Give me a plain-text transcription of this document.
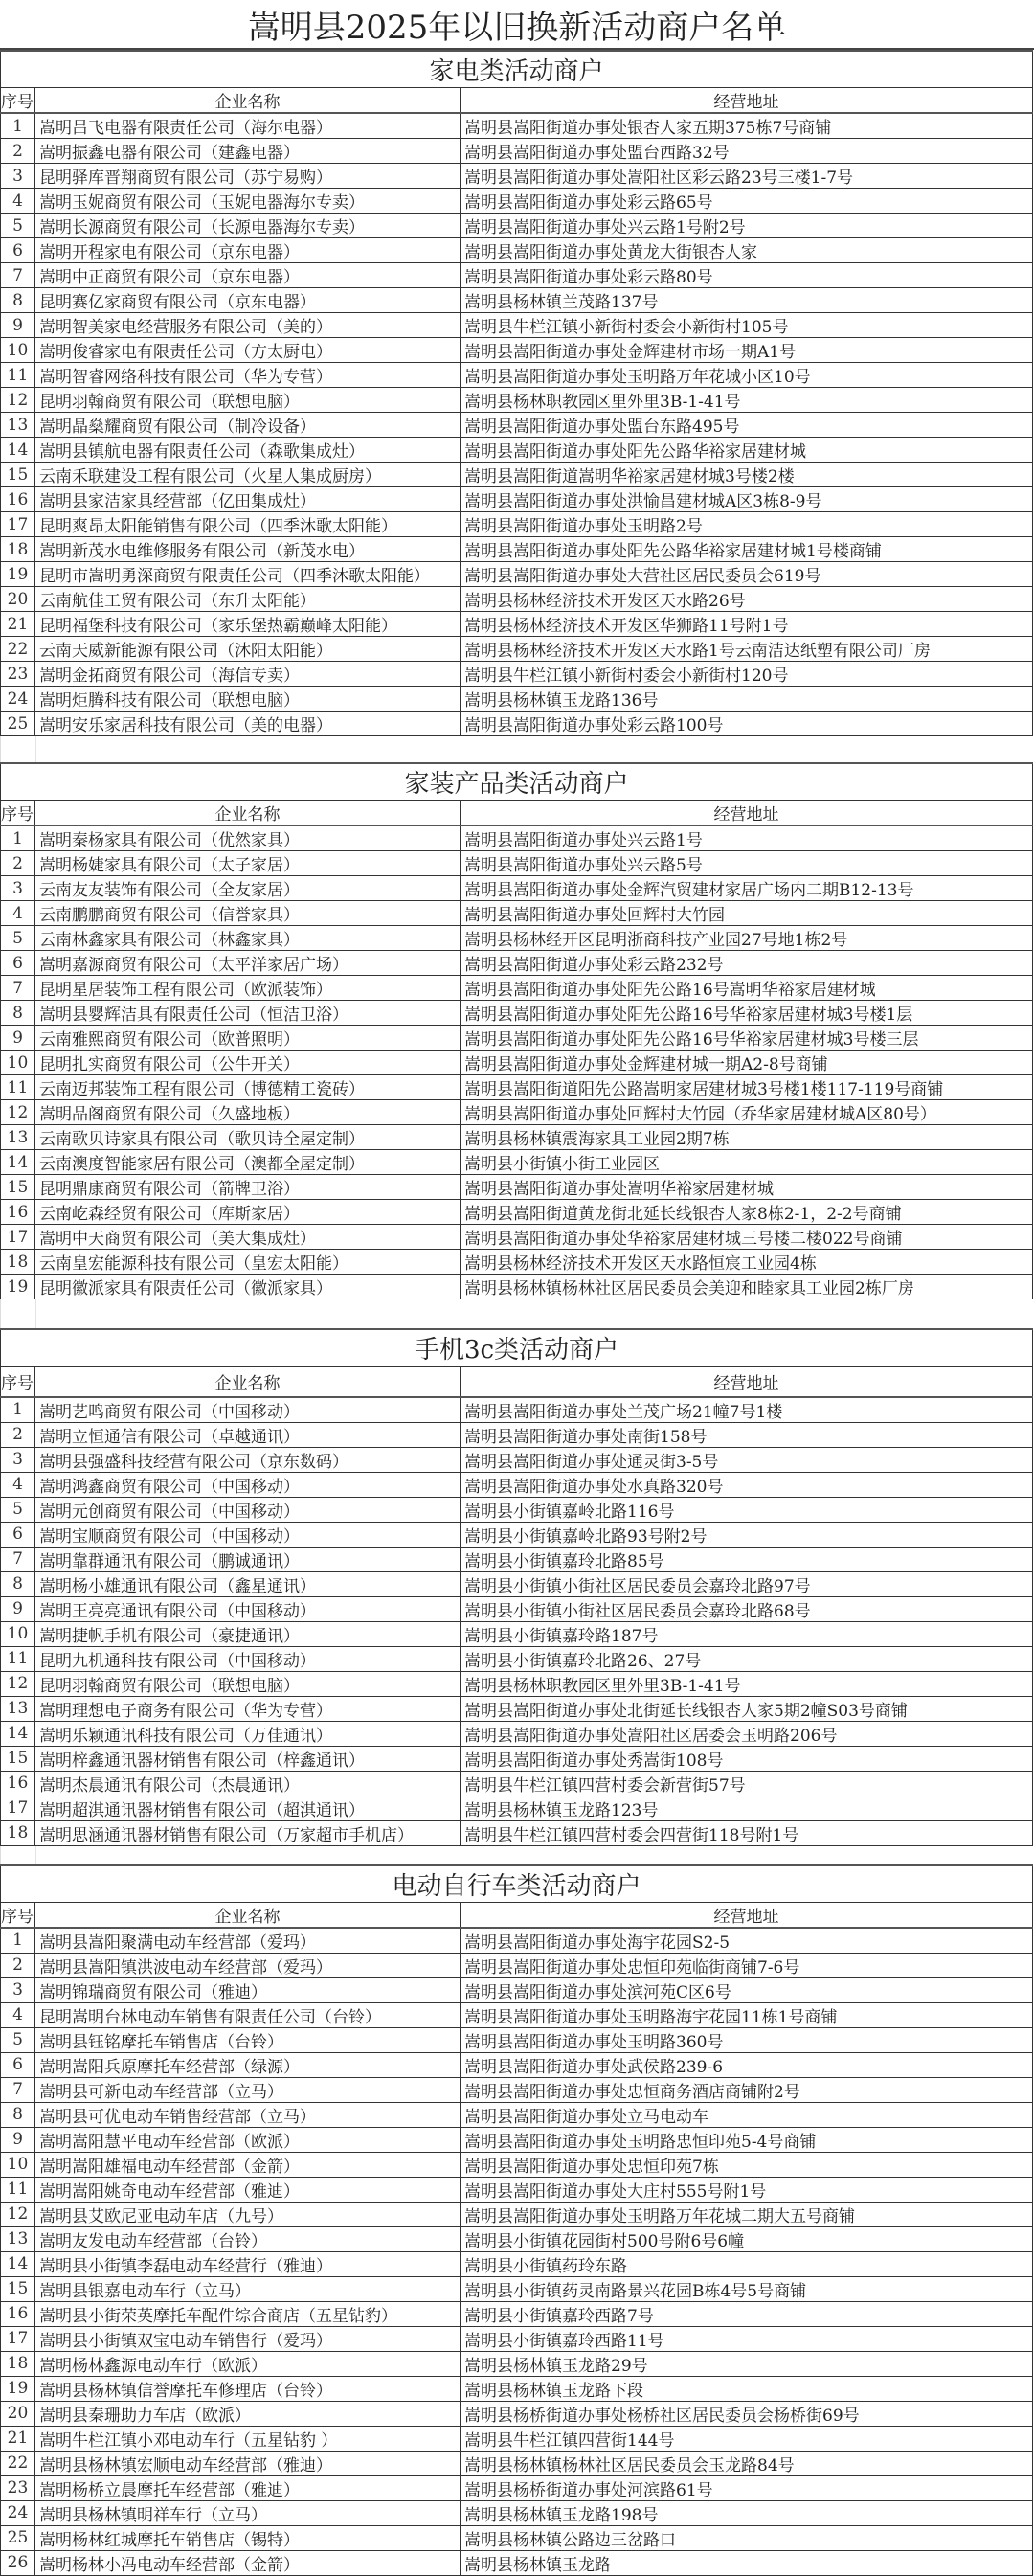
嵩明县2025年以旧换新活动商户名单
家电类活动商户		
序号	企业名称	经营地址
1	嵩明吕飞电器有限责任公司（海尔电器）	嵩明县嵩阳街道办事处银杏人家五期375栋7号商铺
2	嵩明振鑫电器有限公司（建鑫电器）	嵩明县嵩阳街道办事处盟台西路32号
3	昆明驿库晋翔商贸有限公司（苏宁易购）	嵩明县嵩阳街道办事处嵩阳社区彩云路23号三楼1-7号
4	嵩明玉妮商贸有限公司（玉妮电器海尔专卖）	嵩明县嵩阳街道办事处彩云路65号
5	嵩明长源商贸有限公司（长源电器海尔专卖）	嵩明县嵩阳街道办事处兴云路1号附2号
6	嵩明开程家电有限公司（京东电器）	嵩明县嵩阳街道办事处黄龙大街银杏人家
7	嵩明中正商贸有限公司（京东电器）	嵩明县嵩阳街道办事处彩云路80号
8	昆明赛亿家商贸有限公司（京东电器）	嵩明县杨林镇兰茂路137号
9	嵩明智美家电经营服务有限公司（美的）	嵩明县牛栏江镇小新街村委会小新街村105号
10	嵩明俊睿家电有限责任公司（方太厨电）	嵩明县嵩阳街道办事处金辉建材市场一期A1号
11	嵩明智睿网络科技有限公司（华为专营）	嵩明县嵩阳街道办事处玉明路万年花城小区10号
12	昆明羽翰商贸有限公司（联想电脑）	嵩明县杨林职教园区里外里3B-1-41号
13	嵩明晶燊耀商贸有限公司（制冷设备）	嵩明县嵩阳街道办事处盟台东路495号
14	嵩明县镇航电器有限责任公司（森歌集成灶）	嵩明县嵩阳街道办事处阳先公路华裕家居建材城
15	云南禾联建设工程有限公司（火星人集成厨房）	嵩明县嵩阳街道嵩明华裕家居建材城3号楼2楼
16	嵩明县家洁家具经营部（亿田集成灶）	嵩明县嵩阳街道办事处洪愉昌建材城A区3栋8-9号
17	昆明爽昂太阳能销售有限公司（四季沐歌太阳能）	嵩明县嵩阳街道办事处玉明路2号
18	嵩明新茂水电维修服务有限公司（新茂水电）	嵩明县嵩阳街道办事处阳先公路华裕家居建材城1号楼商铺
19	昆明市嵩明勇深商贸有限责任公司（四季沐歌太阳能）	嵩明县嵩阳街道办事处大营社区居民委员会619号
20	云南航佳工贸有限公司（东升太阳能）	嵩明县杨林经济技术开发区天水路26号
21	昆明福堡科技有限公司（家乐堡热霸巅峰太阳能）	嵩明县杨林经济技术开发区华狮路11号附1号
22	云南天威新能源有限公司（沐阳太阳能）	嵩明县杨林经济技术开发区天水路1号云南洁达纸塑有限公司厂房
23	嵩明金拓商贸有限公司（海信专卖）	嵩明县牛栏江镇小新街村委会小新街村120号
24	嵩明炬腾科技有限公司（联想电脑）	嵩明县杨林镇玉龙路136号
25	嵩明安乐家居科技有限公司（美的电器）	嵩明县嵩阳街道办事处彩云路100号
家装产品类活动商户		
序号	企业名称	经营地址
1	嵩明秦杨家具有限公司（优然家具）	嵩明县嵩阳街道办事处兴云路1号
2	嵩明杨婕家具有限公司（太子家居）	嵩明县嵩阳街道办事处兴云路5号
3	云南友友装饰有限公司（全友家居）	嵩明县嵩阳街道办事处金辉汽贸建材家居广场内二期B12-13号
4	云南鹏鹏商贸有限公司（信誉家具）	嵩明县嵩阳街道办事处回辉村大竹园
5	云南林鑫家具有限公司（林鑫家具）	嵩明县杨林经开区昆明浙商科技产业园27号地1栋2号
6	嵩明嘉源商贸有限公司（太平洋家居广场）	嵩明县嵩阳街道办事处彩云路232号
7	昆明星居装饰工程有限公司（欧派装饰）	嵩明县嵩阳街道办事处阳先公路16号嵩明华裕家居建材城
8	嵩明县婴辉洁具有限责任公司（恒洁卫浴）	嵩明县嵩阳街道办事处阳先公路16号华裕家居建材城3号楼1层
9	云南雅熙商贸有限公司（欧普照明）	嵩明县嵩阳街道办事处阳先公路16号华裕家居建材城3号楼三层
10	昆明扎实商贸有限公司（公牛开关）	嵩明县嵩阳街道办事处金辉建材城一期A2-8号商铺
11	云南迈邦装饰工程有限公司（博德精工瓷砖）	嵩明县嵩阳街道阳先公路嵩明家居建材城3号楼1楼117-119号商铺
12	嵩明品阁商贸有限公司（久盛地板）	嵩明县嵩阳街道办事处回辉村大竹园（乔华家居建材城A区80号）
13	云南歌贝诗家具有限公司（歌贝诗全屋定制）	嵩明县杨林镇震海家具工业园2期7栋
14	云南澳度智能家居有限公司（澳都全屋定制）	嵩明县小街镇小街工业园区
15	昆明鼎康商贸有限公司（箭牌卫浴）	嵩明县嵩阳街道办事处嵩明华裕家居建材城
16	云南屹森经贸有限公司（库斯家居）	嵩明县嵩阳街道黄龙街北延长线银杏人家8栋2-1，2-2号商铺
17	嵩明中天商贸有限公司（美大集成灶）	嵩明县嵩阳街道办事处华裕家居建材城三号楼二楼022号商铺
18	云南皇宏能源科技有限公司（皇宏太阳能）	嵩明县杨林经济技术开发区天水路恒宸工业园4栋
19	昆明徽派家具有限责任公司（徽派家具）	嵩明县杨林镇杨林社区居民委员会美迎和睦家具工业园2栋厂房
手机3c类活动商户		
序号	企业名称	经营地址
1	嵩明艺鸣商贸有限公司（中国移动）	嵩明县嵩阳街道办事处兰茂广场21幢7号1楼
2	嵩明立恒通信有限公司（卓越通讯）	嵩明县嵩阳街道办事处南街158号
3	嵩明县强盛科技经营有限公司（京东数码）	嵩明县嵩阳街道办事处通灵街3-5号
4	嵩明鸿鑫商贸有限公司（中国移动）	嵩明县嵩阳街道办事处水真路320号
5	嵩明元创商贸有限公司（中国移动）	嵩明县小街镇嘉岭北路116号
6	嵩明宝顺商贸有限公司（中国移动）	嵩明县小街镇嘉岭北路93号附2号
7	嵩明靠群通讯有限公司（鹏诚通讯）	嵩明县小街镇嘉玲北路85号
8	嵩明杨小雄通讯有限公司（鑫星通讯）	嵩明县小街镇小街社区居民委员会嘉玲北路97号
9	嵩明王亮亮通讯有限公司（中国移动）	嵩明县小街镇小街社区居民委员会嘉玲北路68号
10	嵩明捷帆手机有限公司（豪捷通讯）	嵩明县小街镇嘉玲路187号
11	昆明九机通科技有限公司（中国移动）	嵩明县小街镇嘉玲北路26、27号
12	昆明羽翰商贸有限公司（联想电脑）	嵩明县杨林职教园区里外里3B-1-41号
13	嵩明理想电子商务有限公司（华为专营）	嵩明县嵩阳街道办事处北街延长线银杏人家5期2幢S03号商铺
14	嵩明乐颖通讯科技有限公司（万佳通讯）	嵩明县嵩阳街道办事处嵩阳社区居委会玉明路206号
15	嵩明梓鑫通讯器材销售有限公司（梓鑫通讯）	嵩明县嵩阳街道办事处秀嵩街108号
16	嵩明杰晨通讯有限公司（杰晨通讯）	嵩明县牛栏江镇四营村委会新营街57号
17	嵩明超淇通讯器材销售有限公司（超淇通讯）	嵩明县杨林镇玉龙路123号
18	嵩明思涵通讯器材销售有限公司（万家超市手机店）	嵩明县牛栏江镇四营村委会四营街118号附1号
电动自行车类活动商户		
序号	企业名称	经营地址
1	嵩明县嵩阳聚满电动车经营部（爱玛）	嵩明县嵩阳街道办事处海宇花园S2-5
2	嵩明县嵩阳镇洪波电动车经营部（爱玛）	嵩明县嵩阳街道办事处忠恒印苑临街商铺7-6号
3	嵩明锦瑞商贸有限公司（雅迪）	嵩明县嵩阳街道办事处滨河苑C区6号
4	昆明嵩明台林电动车销售有限责任公司（台铃）	嵩明县嵩阳街道办事处玉明路海宇花园11栋1号商铺
5	嵩明县钰铭摩托车销售店（台铃）	嵩明县嵩阳街道办事处玉明路360号
6	嵩明嵩阳兵原摩托车经营部（绿源）	嵩明县嵩阳街道办事处武侯路239-6
7	嵩明县可新电动车经营部（立马）	嵩明县嵩阳街道办事处忠恒商务酒店商铺附2号
8	嵩明县可优电动车销售经营部（立马）	嵩明县嵩阳街道办事处立马电动车
9	嵩明嵩阳慧平电动车经营部（欧派）	嵩明县嵩阳街道办事处玉明路忠恒印苑5-4号商铺
10	嵩明嵩阳雄福电动车经营部（金箭）	嵩明县嵩阳街道办事处忠恒印苑7栋
11	嵩明嵩阳姚奇电动车经营部（雅迪）	嵩明县嵩阳街道办事处大庄村555号附1号
12	嵩明县艾欧尼亚电动车店（九号）	嵩明县嵩阳街道办事处玉明路万年花城二期大五号商铺
13	嵩明友发电动车经营部（台铃）	嵩明县小街镇花园街村500号附6号6幢
14	嵩明县小街镇李磊电动车经营行（雅迪）	嵩明县小街镇药玲东路
15	嵩明县银嘉电动车行（立马）	嵩明县小街镇药灵南路景兴花园B栋4号5号商铺
16	嵩明县小街荣英摩托车配件综合商店（五星钻豹）	嵩明县小街镇嘉玲西路7号
17	嵩明县小街镇双宝电动车销售行（爱玛）	嵩明县小街镇嘉玲西路11号
18	嵩明杨林鑫源电动车行（欧派）	嵩明县杨林镇玉龙路29号
19	嵩明县杨林镇信誉摩托车修理店（台铃）	嵩明县杨林镇玉龙路下段
20	嵩明县秦珊助力车店（欧派）	嵩明县杨桥街道办事处杨桥社区居民委员会杨桥街69号
21	嵩明牛栏江镇小邓电动车行（五星钻豹 ）	嵩明县牛栏江镇四营街144号
22	嵩明县杨林镇宏顺电动车经营部（雅迪）	嵩明县杨林镇杨林社区居民委员会玉龙路84号
23	嵩明杨桥立晨摩托车经营部（雅迪）	嵩明县杨桥街道办事处河滨路61号
24	嵩明县杨林镇明祥车行（立马）	嵩明县杨林镇玉龙路198号
25	嵩明杨林红城摩托车销售店（锡特）	嵩明县杨林镇公路边三岔路口
26	嵩明杨林小冯电动车经营部（金箭）	嵩明县杨林镇玉龙路
